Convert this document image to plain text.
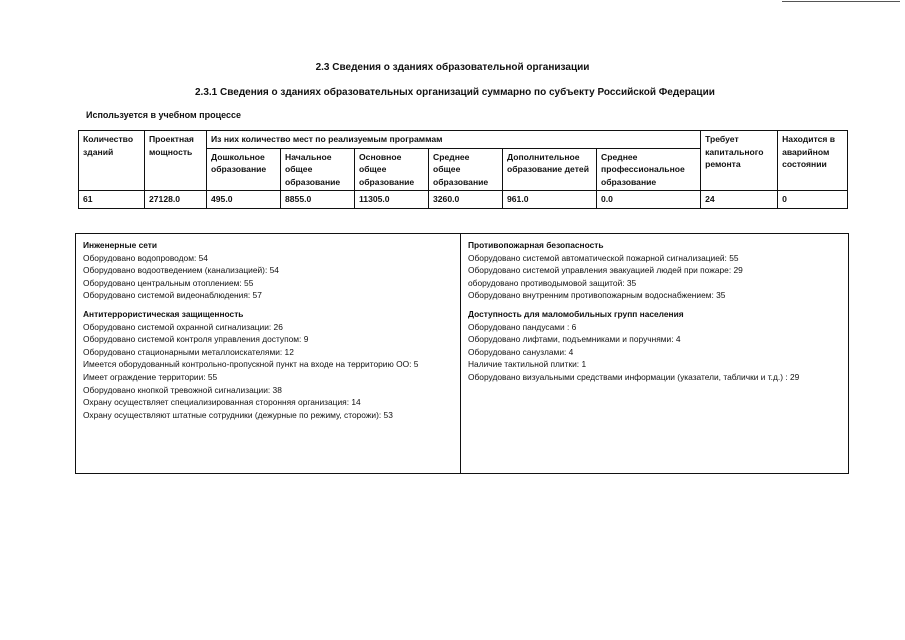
2.3 Сведения о зданиях образовательной организации
2.3.1 Сведения о зданиях образовательных организаций суммарно по субъекту Российской Федерации
Используется в учебном процессе
Количество зданий	Проектная мощность	Из них количество мест по реализуемым программам						Требует капитального ремонта	Находится в аварийном состоянии
		Дошкольное образование	Начальное общее образование	Основное общее образование	Среднее общее образование	Дополнительное образование детей	Среднее профессиональное образование		
61	27128.0	495.0	8855.0	11305.0	3260.0	961.0	0.0	24	0
Инженерные сети
Оборудовано водопроводом: 54
Оборудовано водоотведением (канализацией): 54
Оборудовано центральным отоплением: 55
Оборудовано системой видеонаблюдения: 57
Антитеррористическая защищенность
Оборудовано системой охранной сигнализации: 26
Оборудовано системой контроля управления доступом: 9
Оборудовано стационарными металлоискателями: 12
Имеется оборудованный контрольно-пропускной пункт на входе на территорию ОО: 5
Имеет ограждение территории: 55
Оборудовано кнопкой тревожной сигнализации: 38
Охрану осуществляет специализированная сторонняя организация: 14
Охрану осуществляют штатные сотрудники (дежурные по режиму, сторожи): 53
Противопожарная безопасность
Оборудовано системой автоматической пожарной сигнализацией: 55
Оборудовано системой управления эвакуацией людей при пожаре: 29
оборудовано противодымовой защитой: 35
Оборудовано внутренним противопожарным водоснабжением: 35
Доступность для маломобильных групп населения
Оборудовано пандусами : 6
Оборудовано лифтами, подъемниками и поручнями: 4
Оборудовано санузлами: 4
Наличие тактильной плитки: 1
Оборудовано визуальными средствами информации (указатели, таблички и т.д.) : 29
